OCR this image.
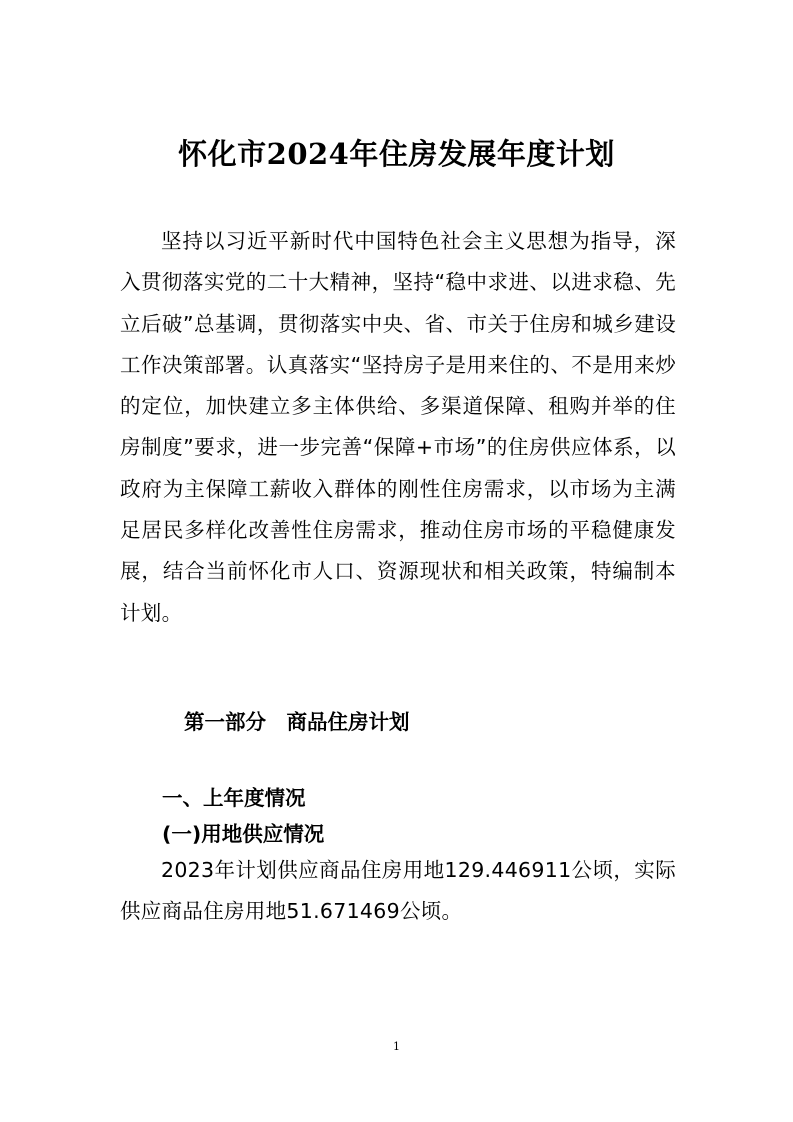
怀化市2024年住房发展年度计划

坚持以习近平新时代中国特色社会主义思想为指导，深入贯彻落实党的二十大精神，坚持“稳中求进、以进求稳、先立后破”总基调，贯彻落实中央、省、市关于住房和城乡建设工作决策部署。认真落实“坚持房子是用来住的、不是用来炒的定位，加快建立多主体供给、多渠道保障、租购并举的住房制度”要求，进一步完善“保障+市场”的住房供应体系，以政府为主保障工薪收入群体的刚性住房需求，以市场为主满足居民多样化改善性住房需求，推动住房市场的平稳健康发展，结合当前怀化市人口、资源现状和相关政策，特编制本计划。

第一部分　商品住房计划
一、上年度情况
(一)用地供应情况

2023年计划供应商品住房用地129.446911公顷，实际供应商品住房用地51.671469公顷。

1
